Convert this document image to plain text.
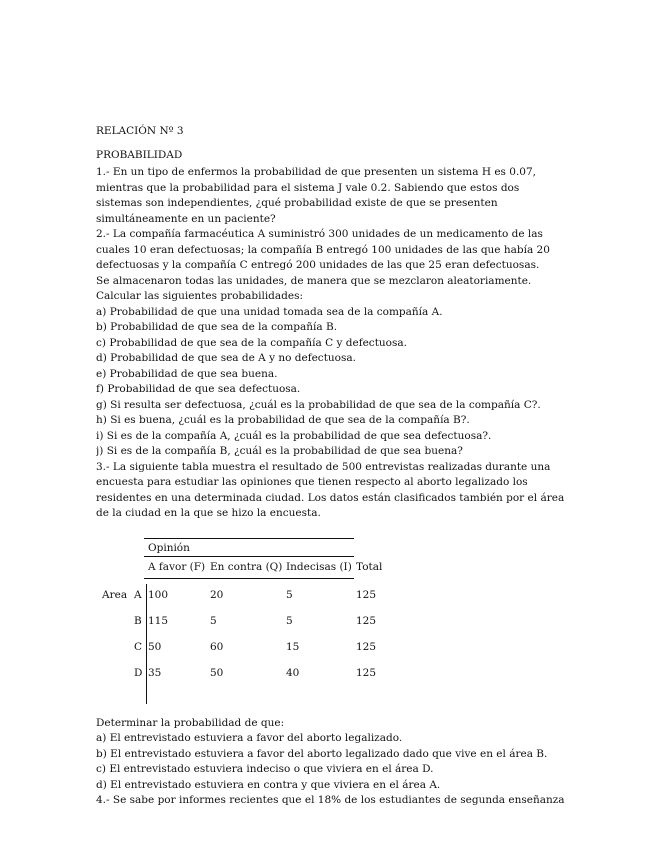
RELACIÓN Nº 3
PROBABILIDAD
1.- En un tipo de enfermos la probabilidad de que presenten un sistema H es 0.07,
mientras que la probabilidad para el sistema J vale 0.2. Sabiendo que estos dos
sistemas son independientes, ¿qué probabilidad existe de que se presenten
simultáneamente en un paciente?
2.- La compañía farmacéutica A suministró 300 unidades de un medicamento de las
cuales 10 eran defectuosas; la compañía B entregó 100 unidades de las que había 20
defectuosas y la compañía C entregó 200 unidades de las que 25 eran defectuosas.
Se almacenaron todas las unidades, de manera que se mezclaron aleatoriamente.
Calcular las siguientes probabilidades:
a) Probabilidad de que una unidad tomada sea de la compañía A.
b) Probabilidad de que sea de la compañía B.
c) Probabilidad de que sea de la compañía C y defectuosa.
d) Probabilidad de que sea de A y no defectuosa.
e) Probabilidad de que sea buena.
f) Probabilidad de que sea defectuosa.
g) Si resulta ser defectuosa, ¿cuál es la probabilidad de que sea de la compañía C?.
h) Si es buena, ¿cuál es la probabilidad de que sea de la compañía B?.
i) Si es de la compañía A, ¿cuál es la probabilidad de que sea defectuosa?.
j) Si es de la compañía B, ¿cuál es la probabilidad de que sea buena?
3.- La siguiente tabla muestra el resultado de 500 entrevistas realizadas durante una
encuesta para estudiar las opiniones que tienen respecto al aborto legalizado los
residentes en una determinada ciudad. Los datos están clasificados también por el área
de la ciudad en la que se hizo la encuesta.
Opinión
A favor (F) En contra (Q) Indecisas (I) Total
Area A 100	20	5	125
B 115	5	5	125
C 50	60	15	125
D 35	50	40	125
Determinar la probabilidad de que:
a) El entrevistado estuviera a favor del aborto legalizado.
b) El entrevistado estuviera a favor del aborto legalizado dado que vive en el área B.
c) El entrevistado estuviera indeciso o que viviera en el área D.
d) El entrevistado estuviera en contra y que viviera en el área A.
4.- Se sabe por informes recientes que el 18% de los estudiantes de segunda enseñanza
